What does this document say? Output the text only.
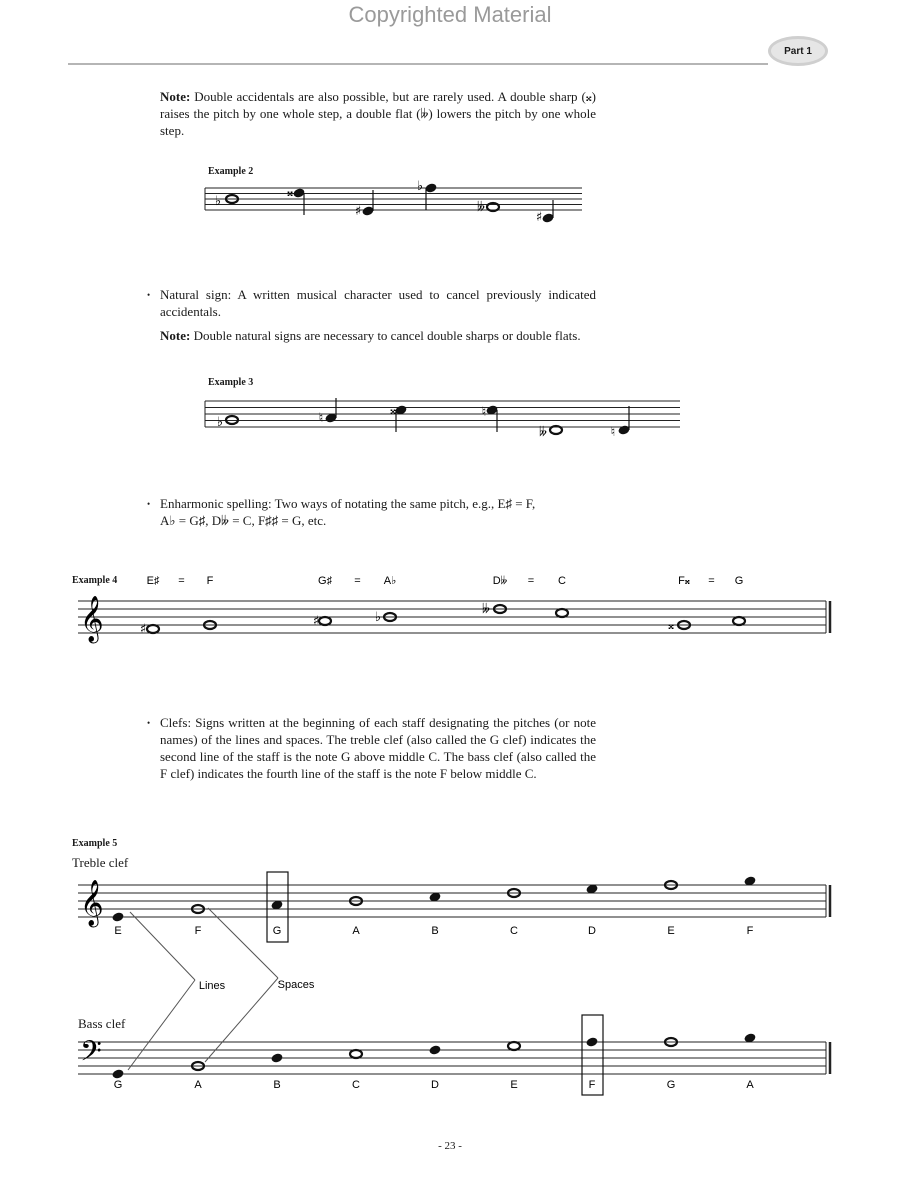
Copyrighted Material
Part 1
Note: Double accidentals are also possible, but are rarely used. A double sharp (𝄪) raises the pitch by one whole step, a double flat (𝄫) lowers the pitch by one whole step.
Example 2
• Natural sign: A written musical character used to cancel previously indicated accidentals.
Note: Double natural signs are necessary to cancel double sharps or double flats.
Example 3
• Enharmonic spelling: Two ways of notating the same pitch, e.g., E♯ = F,
A♭ = G♯, D𝄫 = C, F♯♯ = G, etc.
Example 4
• Clefs: Signs written at the beginning of each staff designating the pitches (or note names) of the lines and spaces. The treble clef (also called the G clef) indicates the second line of the staff is the note G above middle C. The bass clef (also called the F clef) indicates the fourth line of the staff is the note F below middle C.
Example 5
Treble clef
Bass clef
- 23 -
♭
𝄪
♯
♭
𝄫
♯
♭	♮
𝄪	♮
𝄫	♮
𝄞	♯
♯	♭
𝄫
𝄪
𝄞
𝄢
E♯ = F	G♯ = A♭	D𝄫 = C	F𝄪 = G
E	F	G	A	B	C	D	E	F
G	A	B	C	D	E	F	G	A
Lines	Spaces
